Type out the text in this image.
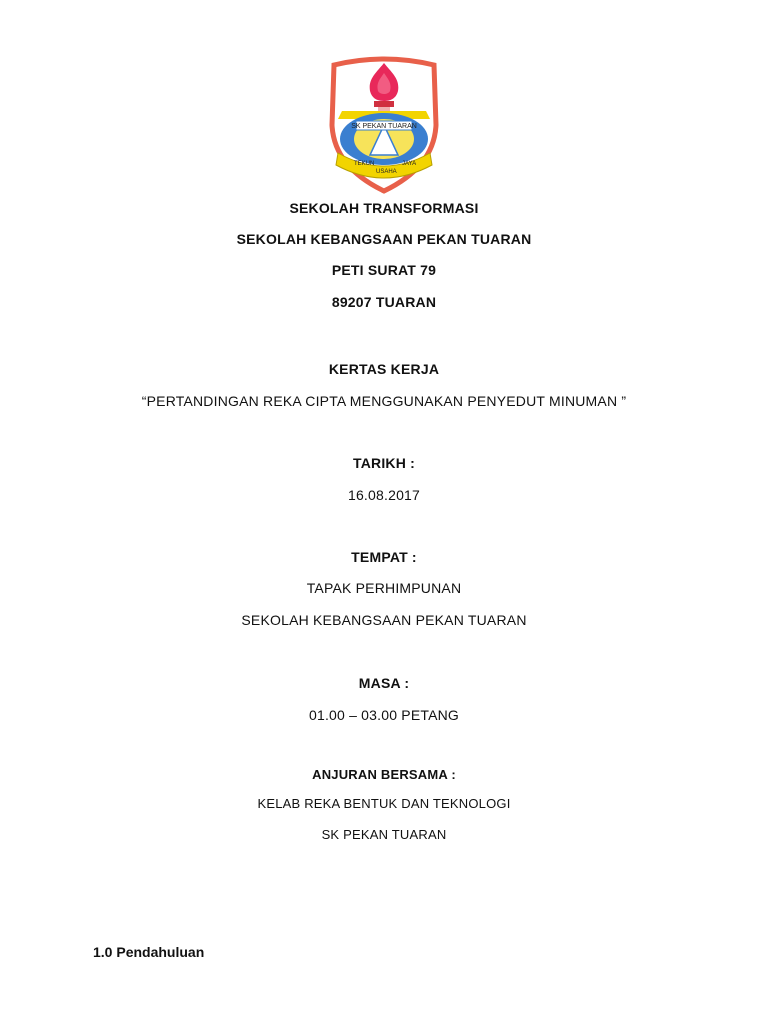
SK PEKAN TUARAN
TEKUN
USAHA
JAYA
SEKOLAH TRANSFORMASI
SEKOLAH KEBANGSAAN PEKAN TUARAN
PETI SURAT 79
89207 TUARAN
KERTAS KERJA
“PERTANDINGAN REKA CIPTA MENGGUNAKAN PENYEDUT MINUMAN ”
TARIKH :
16.08.2017
TEMPAT :
TAPAK PERHIMPUNAN
SEKOLAH KEBANGSAAN PEKAN TUARAN
MASA :
01.00 – 03.00 PETANG
ANJURAN BERSAMA :
KELAB REKA BENTUK DAN TEKNOLOGI
SK PEKAN TUARAN
1.0 Pendahuluan
